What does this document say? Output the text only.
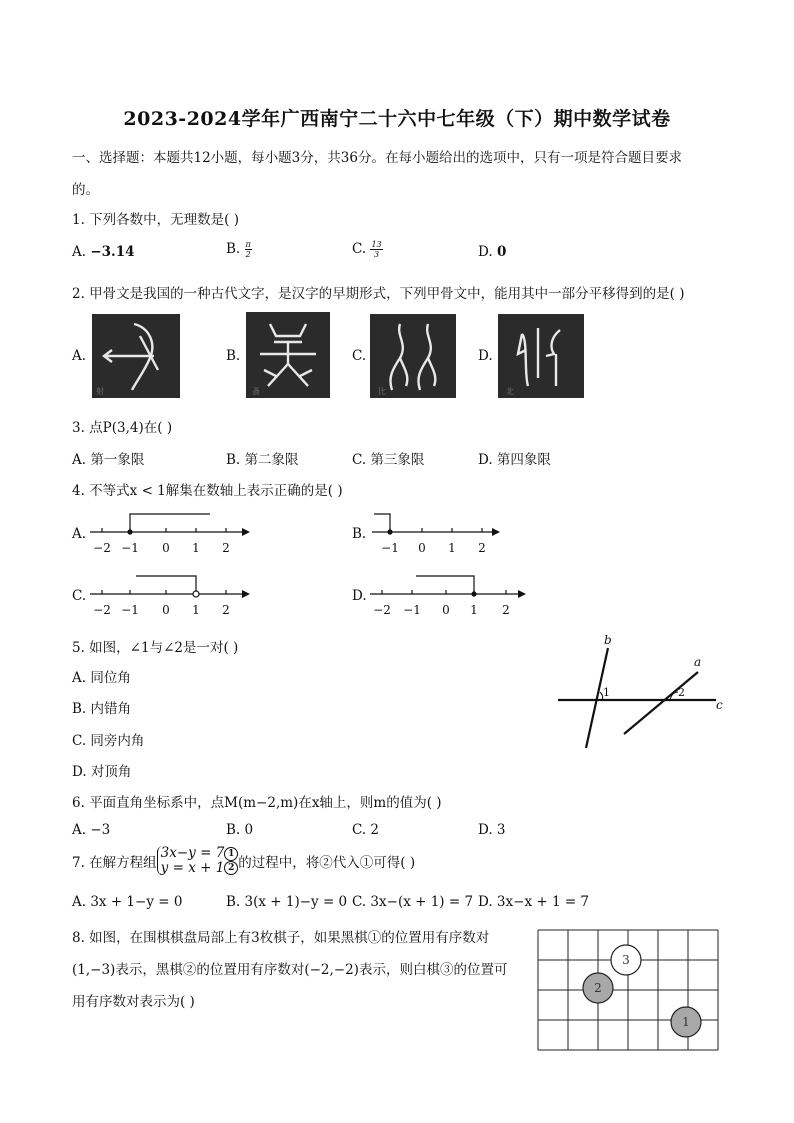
2023-2024学年广西南宁二十六中七年级（下）期中数学试卷
一、选择题：本题共12小题，每小题3分，共36分。在每小题给出的选项中，只有一项是符合题目要求
的。
1. 下列各数中，无理数是( )
A. −3.14	B. $\frac{\pi}{2}$	C. $\frac{13}{3}$	D. 0
2. 甲骨文是我国的一种古代文字，是汉字的早期形式，下列甲骨文中，能用其中一部分平移得到的是( )
A.
射
B.
蚤
C.
比
D.
北
3. 点P(3,4)在( )
A. 第一象限	B. 第二象限	C. 第三象限	D. 第四象限
4. 不等式x < 1解集在数轴上表示正确的是( )
A.
−2 −1 0 1 2
B.
−1 0 1 2
C.
−2 −1 0 1 2
D.
−2 −1 0 1 2
5. 如图，∠1与∠2是一对( )
A. 同位角
B. 内错角
C. 同旁内角
D. 对顶角
b
a
c
1	2
6. 平面直角坐标系中，点M(m−2,m)在x轴上，则m的值为( )
A. −3	B. 0	C. 2	D. 3
7. 在解方程组
3x−y = 7 1
y = x + 1 2 的过程中，将②代入①可得( )
A. 3x + 1−y = 0	B. 3(x + 1)−y = 0 C. 3x−(x + 1) = 7 D. 3x−x + 1 = 7
8. 如图，在围棋棋盘局部上有3枚棋子，如果黑棋①的位置用有序数对
(1,−3)表示，黑棋②的位置用有序数对(−2,−2)表示，则白棋③的位置可
用有序数对表示为( )
3
2
1
